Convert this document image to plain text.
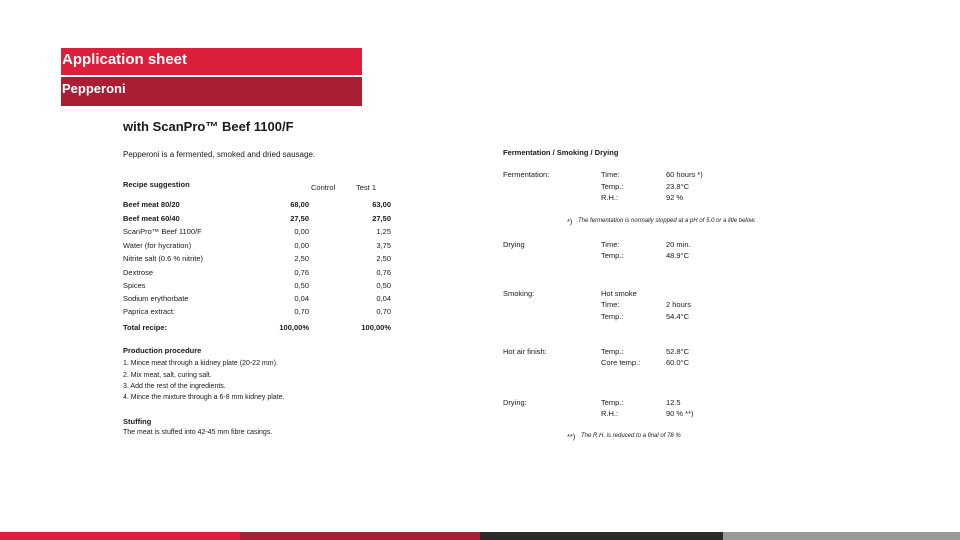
Application sheet
Pepperoni
with ScanPro™ Beef 1100/F
Pepperoni is a fermented, smoked and dried sausage.
Recipe suggestion	Control	Test 1
Beef meat 80/20	68,00	63,00
Beef meat 60/40	27,50	27,50
ScanPro™ Beef 1100/F	0,00	1,25
Water (for hycration)	0,00	3,75
Nitrite salt (0.6 % nitrite)	2,50	2,50
Dextrose	0,76	0,76
Spices	0,50	0,50
Sodium erythorbate	0,04	0,04
Paprica extract:	0,70	0,70
Total recipe:	100,00%	100,00%
Production procedure
1. Mince meat through a kidney plate (20-22 mm).
2. Mix meat, salt, curing salt.
3. Add the rest of the ingredients.
4. Mince the mixture through a 6-8 mm kidney plate.
Stuffing
The meat is stuffed into 42-45 mm fibre casings.
Fermentation / Smoking / Drying
Fermentation:	Time:	60 hours *)
Temp.:	23.8°C
R.H.:	92 %
*) The fermentation is normally stopped at a pH of 5.0 or a litle below.
Drying	Time:	20 min.
Temp.:	48.9°C
Smoking:	Hot smoke
Time:	2 hours
Temp.:	54.4°C
Hot air finish:	Temp.:	52.8°C
Core temp.:	60.0°C
Drying:	Temp.:	12.5
R.H.:	90 % **)
**) The R.H. is reduced to a final of 78 %
